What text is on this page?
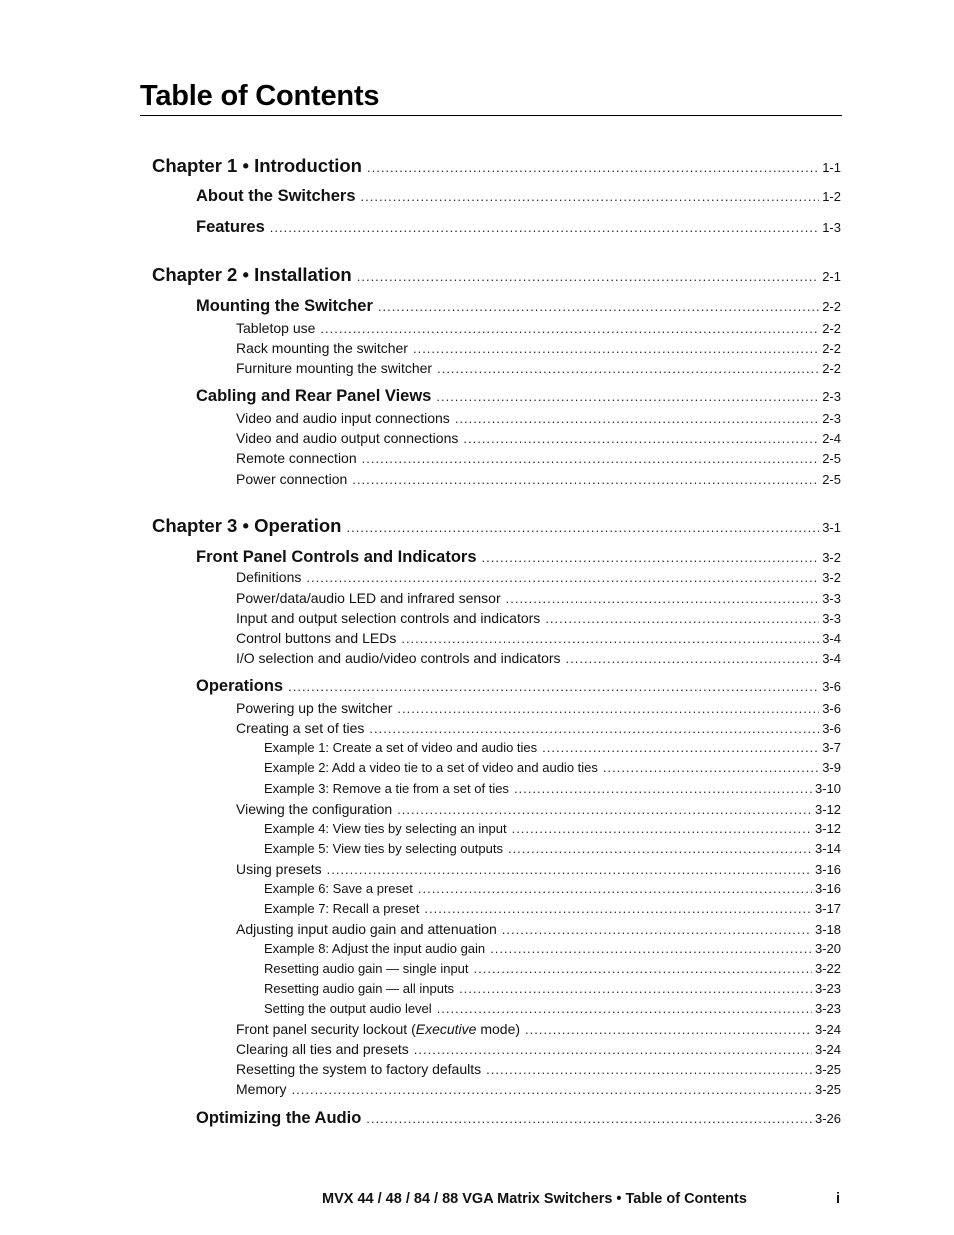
Table of Contents
Chapter 1 • Introduction .....	1-1
About the Switchers .....	1-2
Features .....	1-3
Chapter 2 • Installation .....	2-1
Mounting the Switcher .....	2-2
Tabletop use .....	2-2
Rack mounting the switcher .....	2-2
Furniture mounting the switcher .....	2-2
Cabling and Rear Panel Views .....	2-3
Video and audio input connections .....	2-3
Video and audio output connections .....	2-4
Remote connection .....	2-5
Power connection .....	2-5
Chapter 3 • Operation .....	3-1
Front Panel Controls and Indicators .....	3-2
Definitions .....	3-2
Power/data/audio LED and infrared sensor .....	3-3
Input and output selection controls and indicators .....	3-3
Control buttons and LEDs .....	3-4
I/O selection and audio/video controls and indicators .....	3-4
Operations .....	3-6
Powering up the switcher .....	3-6
Creating a set of ties .....	3-6
Example 1: Create a set of video and audio ties .....	3-7
Example 2: Add a video tie to a set of video and audio ties .....	3-9
Example 3: Remove a tie from a set of ties .....	3-10
Viewing the configuration .....	3-12
Example 4: View ties by selecting an input .....	3-12
Example 5: View ties by selecting outputs .....	3-14
Using presets .....	3-16
Example 6: Save a preset .....	3-16
Example 7: Recall a preset .....	3-17
Adjusting input audio gain and attenuation .....	3-18
Example 8: Adjust the input audio gain .....	3-20
Resetting audio gain — single input .....	3-22
Resetting audio gain — all inputs .....	3-23
Setting the output audio level .....	3-23
Front panel security lockout (Executive mode) .....	3-24
Clearing all ties and presets .....	3-24
Resetting the system to factory defaults .....	3-25
Memory .....	3-25
Optimizing the Audio .....	3-26
MVX 44 / 48 / 84 / 88 VGA Matrix Switchers • Table of Contents	i
